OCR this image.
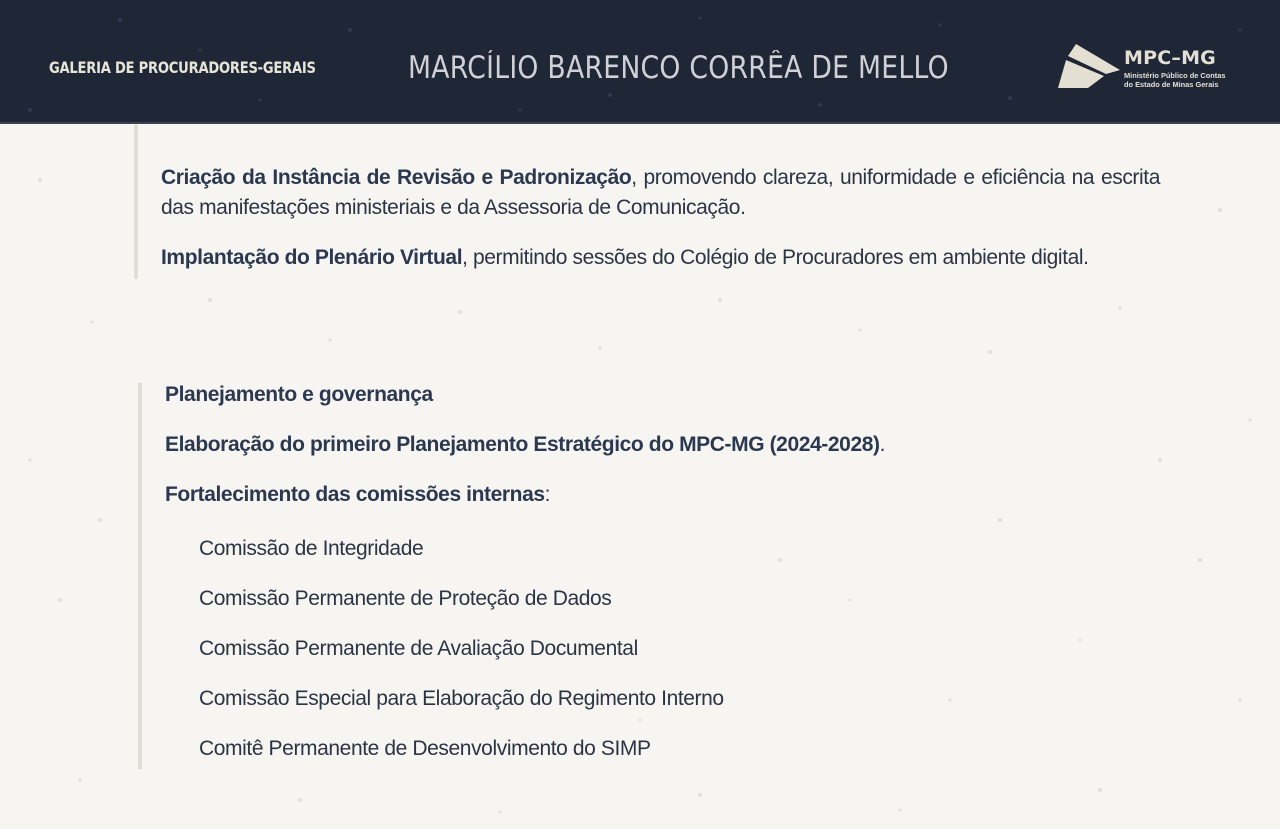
GALERIA DE PROCURADORES-GERAIS	MARCÍLIO BARENCO CORRÊA DE MELLO	MPC–MG
Ministério Público de Contas
do Estado de Minas Gerais

Criação da Instância de Revisão e Padronização, promovendo clareza, uniformidade e eficiência na escrita das manifestações ministeriais e da Assessoria de Comunicação.

Implantação do Plenário Virtual, permitindo sessões do Colégio de Procuradores em ambiente digital.

Planejamento e governança
Elaboração do primeiro Planejamento Estratégico do MPC-MG (2024-2028).
Fortalecimento das comissões internas:
Comissão de Integridade
Comissão Permanente de Proteção de Dados
Comissão Permanente de Avaliação Documental
Comissão Especial para Elaboração do Regimento Interno
Comitê Permanente de Desenvolvimento do SIMP
